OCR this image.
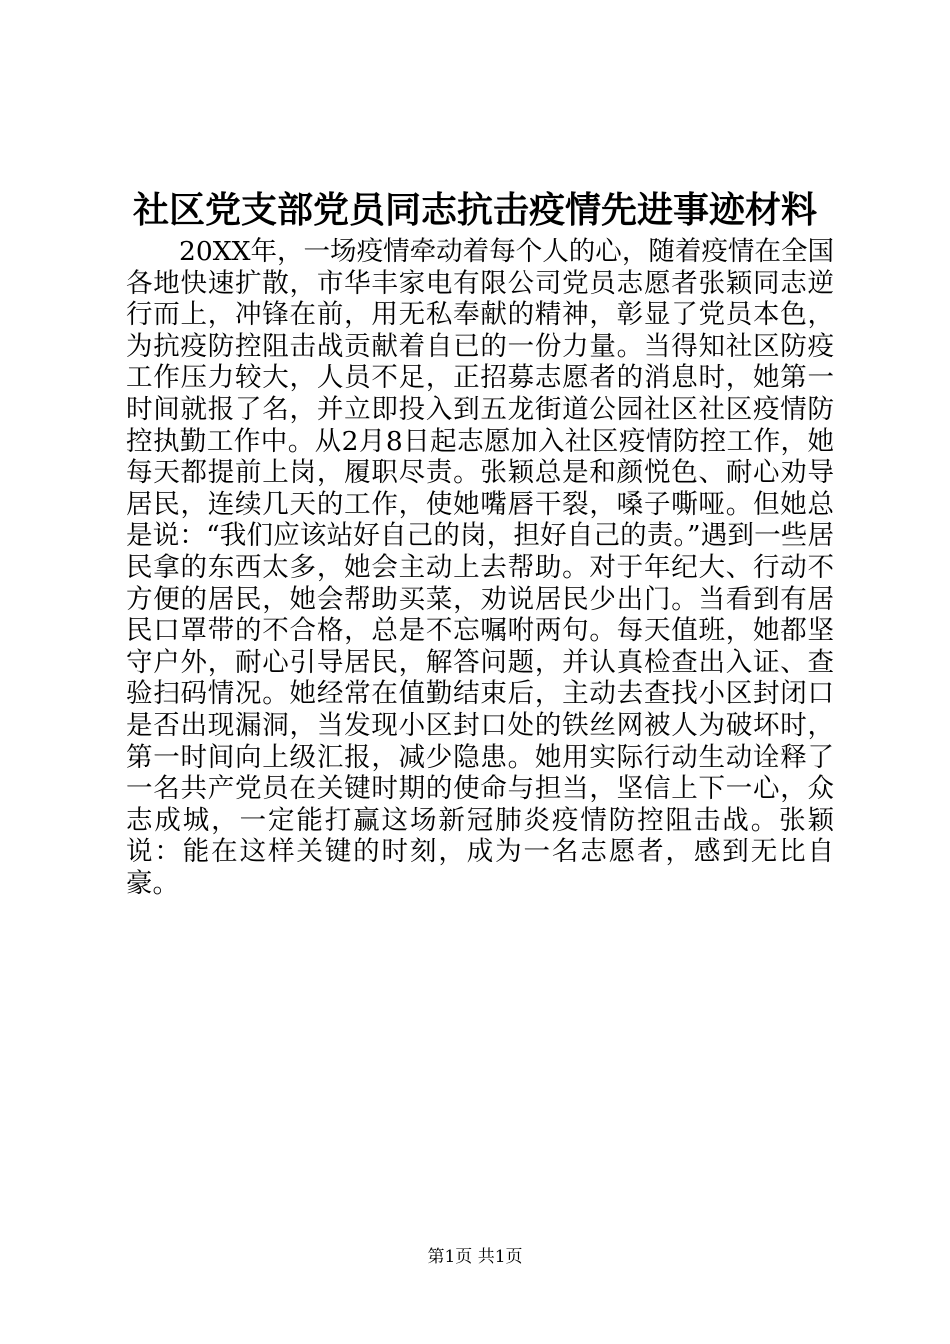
社区党支部党员同志抗击疫情先进事迹材料

20XX年，一场疫情牵动着每个人的心，随着疫情在全国各地快速扩散，市华丰家电有限公司党员志愿者张颖同志逆行而上，冲锋在前，用无私奉献的精神，彰显了党员本色，为抗疫防控阻击战贡献着自已的一份力量。当得知社区防疫工作压力较大，人员不足，正招募志愿者的消息时，她第一时间就报了名，并立即投入到五龙街道公园社区社区疫情防控执勤工作中。从2月8日起志愿加入社区疫情防控工作，她每天都提前上岗，履职尽责。张颖总是和颜悦色、耐心劝导居民，连续几天的工作，使她嘴唇干裂，嗓子嘶哑。但她总是说：“我们应该站好自己的岗，担好自己的责。”遇到一些居民拿的东西太多，她会主动上去帮助。对于年纪大、行动不方便的居民，她会帮助买菜，劝说居民少出门。当看到有居民口罩带的不合格，总是不忘嘱咐两句。每天值班，她都坚守户外，耐心引导居民，解答问题，并认真检查出入证、查验扫码情况。她经常在值勤结束后，主动去查找小区封闭口是否出现漏洞，当发现小区封口处的铁丝网被人为破坏时，第一时间向上级汇报，减少隐患。她用实际行动生动诠释了一名共产党员在关键时期的使命与担当，坚信上下一心，众志成城，一定能打赢这场新冠肺炎疫情防控阻击战。张颖说：能在这样关键的时刻，成为一名志愿者，感到无比自豪。

第1页 共1页
